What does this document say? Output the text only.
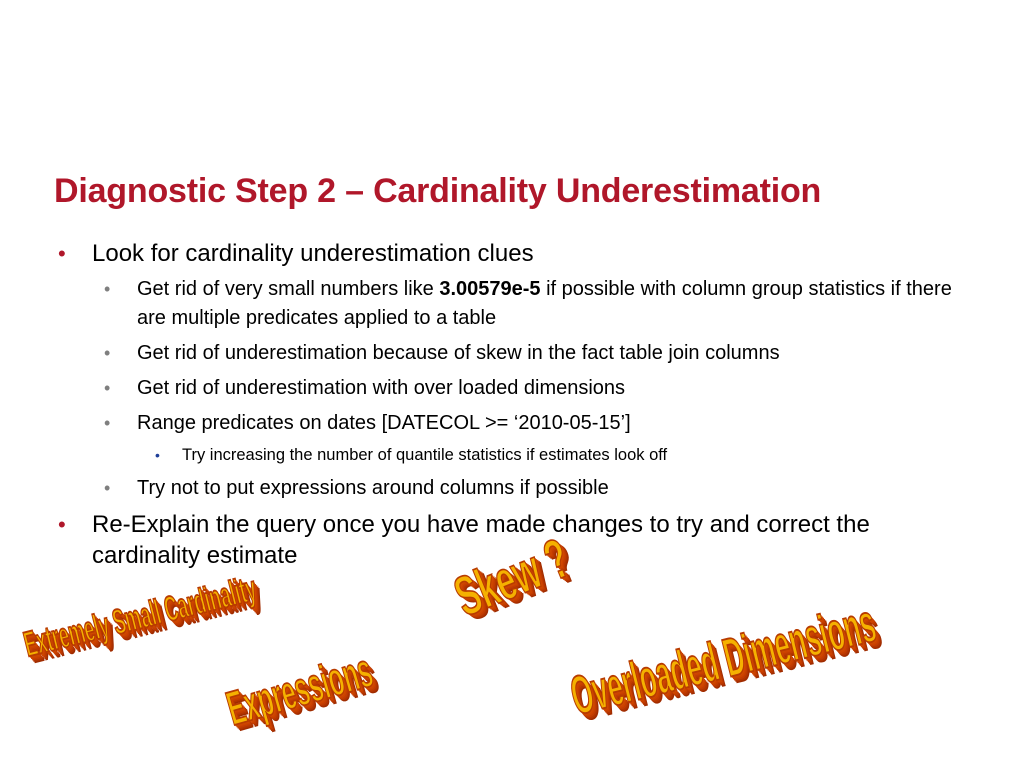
Diagnostic Step 2 – Cardinality Underestimation
• Look for cardinality underestimation clues
• Get rid of very small numbers like 3.00579e-5 if possible with column group statistics if there are multiple predicates applied to a table
• Get rid of underestimation because of skew in the fact table join columns
• Get rid of underestimation with over loaded dimensions
• Range predicates on dates [DATECOL >= ‘2010-05-15’]
• Try increasing the number of quantile statistics if estimates look off
• Try not to put expressions around columns if possible
• Re-Explain the query once you have made changes to try and correct the cardinality estimate
Extremely Small Cardinality	Skew ?
Expressions	Overloaded Dimensions
